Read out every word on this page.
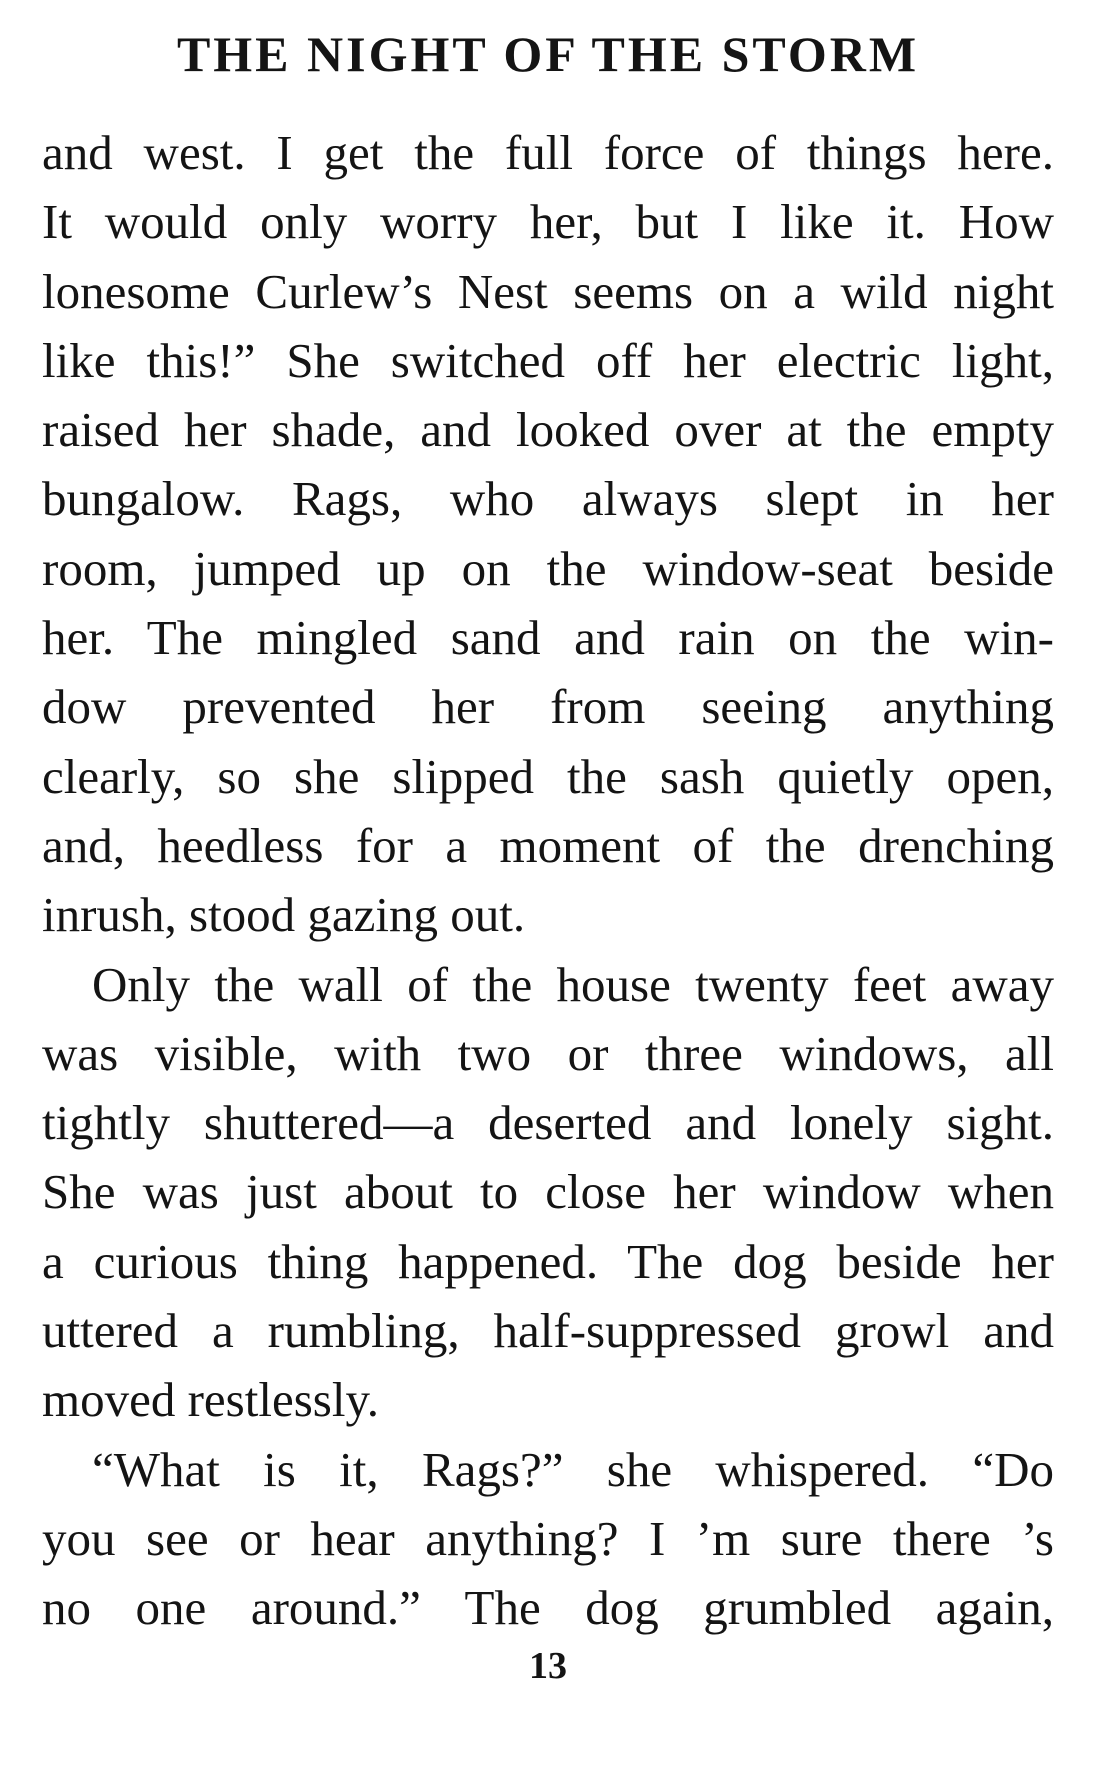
THE NIGHT OF THE STORM
and west. I get the full force of things here.
It would only worry her, but I like it. How
lonesome Curlew’s Nest seems on a wild night
like this!” She switched off her electric light,
raised her shade, and looked over at the empty
bungalow. Rags, who always slept in her
room, jumped up on the window-seat beside
her. The mingled sand and rain on the win-
dow prevented her from seeing anything
clearly, so she slipped the sash quietly open,
and, heedless for a moment of the drenching
inrush, stood gazing out.
Only the wall of the house twenty feet away
was visible, with two or three windows, all
tightly shuttered—a deserted and lonely sight.
She was just about to close her window when
a curious thing happened. The dog beside her
uttered a rumbling, half-suppressed growl and
moved restlessly.
“What is it, Rags?” she whispered. “Do
you see or hear anything? I ’m sure there ’s
no one around.” The dog grumbled again,
13
